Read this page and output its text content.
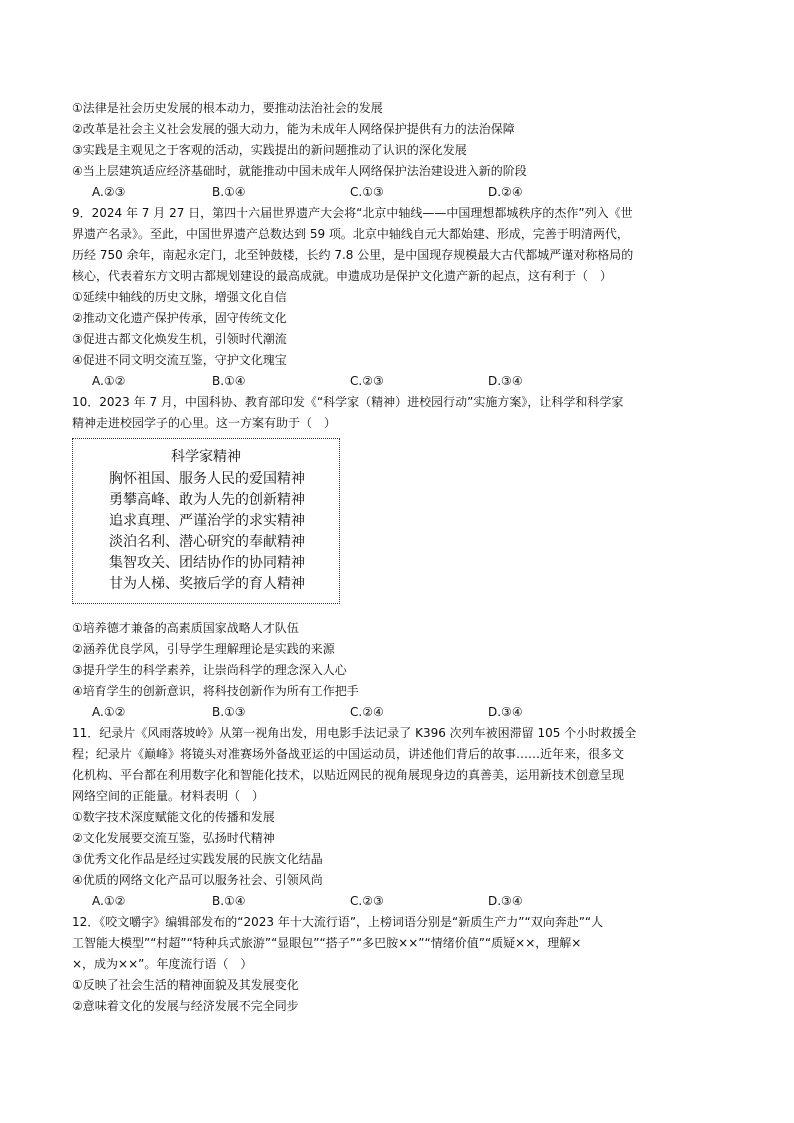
①法律是社会历史发展的根本动力，要推动法治社会的发展
②改革是社会主义社会发展的强大动力，能为未成年人网络保护提供有力的法治保障
③实践是主观见之于客观的活动，实践提出的新问题推动了认识的深化发展
④当上层建筑适应经济基础时，就能推动中国未成年人网络保护法治建设进入新的阶段
A.②③	B.①④	C.①③	D.②④
9．2024 年 7 月 27 日，第四十六届世界遗产大会将“北京中轴线——中国理想都城秩序的杰作”列入《世
界遗产名录》。至此，中国世界遗产总数达到 59 项。北京中轴线自元大都始建、形成，完善于明清两代，
历经 750 余年，南起永定门，北至钟鼓楼，长约 7.8 公里，是中国现存规模最大古代都城严谨对称格局的
核心，代表着东方文明古都规划建设的最高成就。申遗成功是保护文化遗产新的起点，这有利于（　）
①延续中轴线的历史文脉，增强文化自信
②推动文化遗产保护传承，固守传统文化
③促进古都文化焕发生机，引领时代潮流
④促进不同文明交流互鉴，守护文化瑰宝
A.①②	B.①④	C.②③	D.③④
10．2023 年 7 月，中国科协、教育部印发《“科学家（精神）进校园行动”实施方案》，让科学和科学家
精神走进校园学子的心里。这一方案有助于（　）
科学家精神
胸怀祖国、服务人民的爱国精神
勇攀高峰、敢为人先的创新精神
追求真理、严谨治学的求实精神
淡泊名利、潜心研究的奉献精神
集智攻关、团结协作的协同精神
甘为人梯、奖掖后学的育人精神
①培养德才兼备的高素质国家战略人才队伍
②涵养优良学风，引导学生理解理论是实践的来源
③提升学生的科学素养，让崇尚科学的理念深入人心
④培育学生的创新意识，将科技创新作为所有工作把手
A.①②	B.①③	C.②④	D.③④
11．纪录片《风雨落坡岭》从第一视角出发，用电影手法记录了 K396 次列车被困滞留 105 个小时救援全
程；纪录片《巅峰》将镜头对准赛场外备战亚运的中国运动员，讲述他们背后的故事……近年来，很多文
化机构、平台都在利用数字化和智能化技术，以贴近网民的视角展现身边的真善美，运用新技术创意呈现
网络空间的正能量。材料表明（　）
①数字技术深度赋能文化的传播和发展
②文化发展要交流互鉴，弘扬时代精神
③优秀文化作品是经过实践发展的民族文化结晶
④优质的网络文化产品可以服务社会、引领风尚
A.①②	B.①④	C.②③	D.③④
12．《咬文嚼字》编辑部发布的“2023 年十大流行语”，上榜词语分别是“新质生产力”“双向奔赴”“人
工智能大模型”“村超”“特种兵式旅游”“显眼包”“搭子”“多巴胺××”“情绪价值”“质疑××，理解×
×，成为××”。年度流行语（　）
①反映了社会生活的精神面貌及其发展变化
②意味着文化的发展与经济发展不完全同步
